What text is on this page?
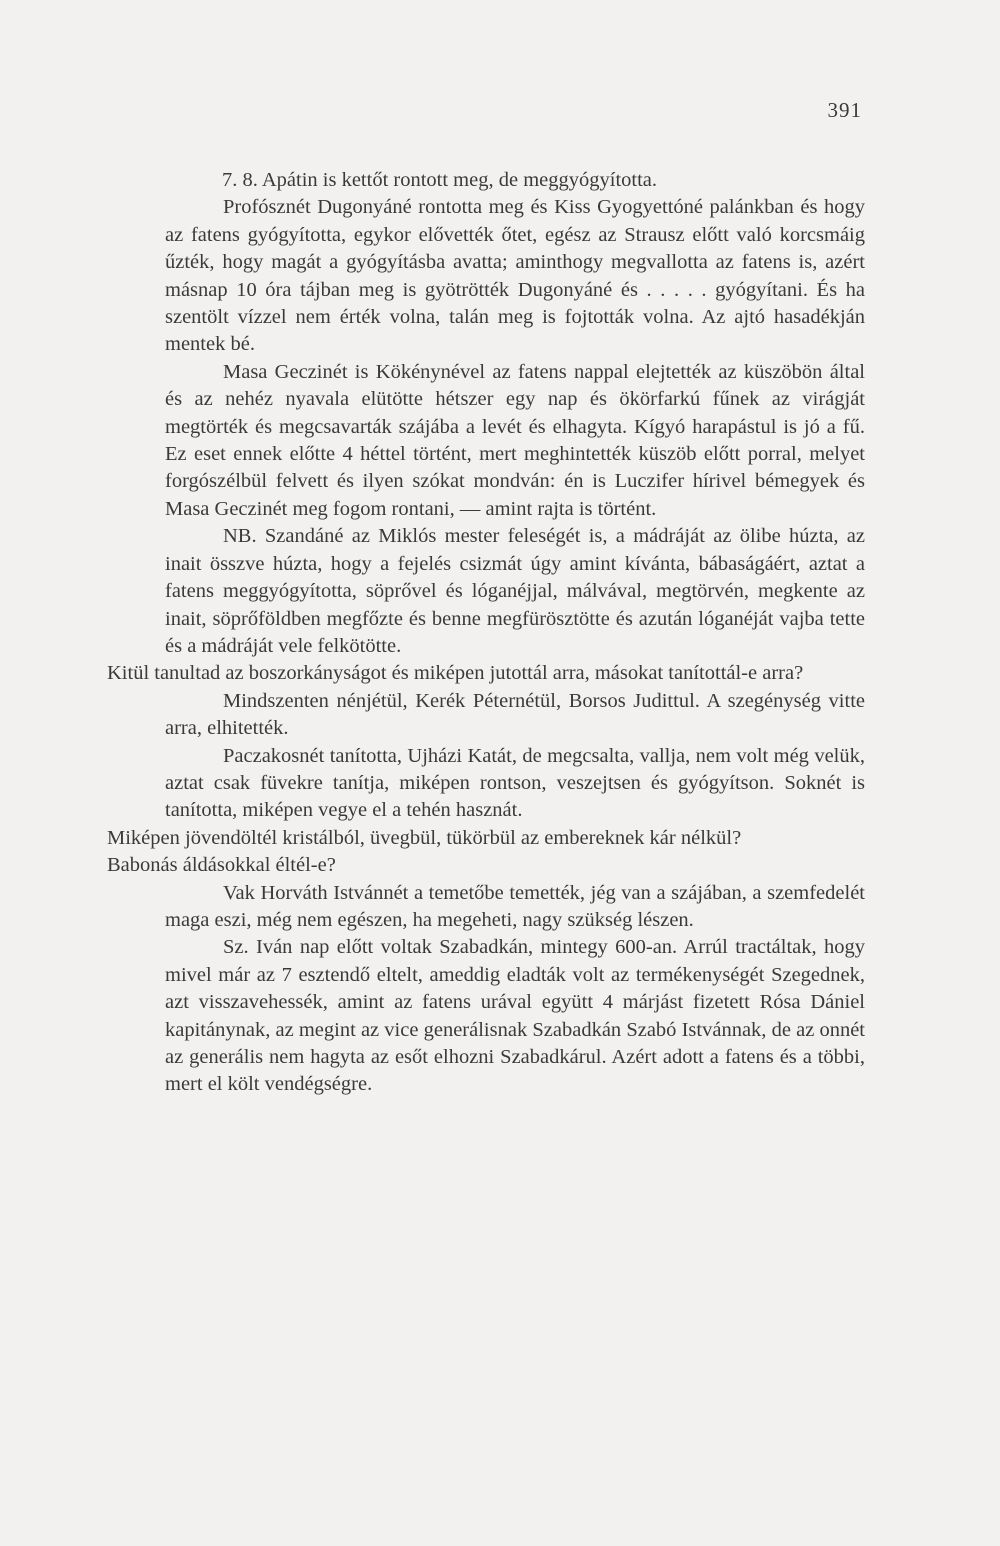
391
7. 8. Apátin is kettőt rontott meg, de meggyógyította.
Profósznét Dugonyáné rontotta meg és Kiss Gyogyettóné palánkban és hogy az fatens gyógyította, egykor elővették őtet, egész az Strausz előtt való korcsmáig űzték, hogy magát a gyógyításba avatta; aminthogy megvallotta az fatens is, azért másnap 10 óra tájban meg is gyötrötték Dugonyáné és . . . . . gyógyítani. És ha szentölt vízzel nem érték volna, talán meg is fojtották volna. Az ajtó hasadékján mentek bé.
Masa Geczinét is Kökénynével az fatens nappal elejtették az küszöbön által és az nehéz nyavala elütötte hétszer egy nap és ökörfarkú fűnek az virágját megtörték és megcsavarták szájába a levét és elhagyta. Kígyó harapástul is jó a fű. Ez eset ennek előtte 4 héttel történt, mert meghintették küszöb előtt porral, melyet forgószélbül felvett és ilyen szókat mondván: én is Luczifer hírivel bémegyek és Masa Geczinét meg fogom rontani, — amint rajta is történt.
NB. Szandáné az Miklós mester feleségét is, a mádráját az ölibe húzta, az inait összve húzta, hogy a fejelés csizmát úgy amint kívánta, bábaságáért, aztat a fatens meggyógyította, söprővel és lóganéjjal, málvával, megtörvén, megkente az inait, söprőföldben megfőzte és benne megfürösztötte és azután lóganéját vajba tette és a mádráját vele felkötötte.
Kitül tanultad az boszorkányságot és miképen jutottál arra, másokat tanítottál-e arra?
Mindszenten nénjétül, Kerék Péternétül, Borsos Judittul. A szegénység vitte arra, elhitették.
Paczakosnét tanította, Ujházi Katát, de megcsalta, vallja, nem volt még velük, aztat csak füvekre tanítja, miképen rontson, veszejtsen és gyógyítson. Soknét is tanította, miképen vegye el a tehén hasznát.
Miképen jövendöltél kristálból, üvegbül, tükörbül az embereknek kár nélkül?
Babonás áldásokkal éltél-e?
Vak Horváth Istvánnét a temetőbe temették, jég van a szájában, a szemfedelét maga eszi, még nem egészen, ha megeheti, nagy szükség lészen.
Sz. Iván nap előtt voltak Szabadkán, mintegy 600-an. Arrúl tractáltak, hogy mivel már az 7 esztendő eltelt, ameddig eladták volt az termékenységét Szegednek, azt visszavehessék, amint az fatens urával együtt 4 márjást fizetett Rósa Dániel kapitánynak, az megint az vice generálisnak Szabadkán Szabó Istvánnak, de az onnét az generális nem hagyta az esőt elhozni Szabadkárul. Azért adott a fatens és a többi, mert el költ vendégségre.
